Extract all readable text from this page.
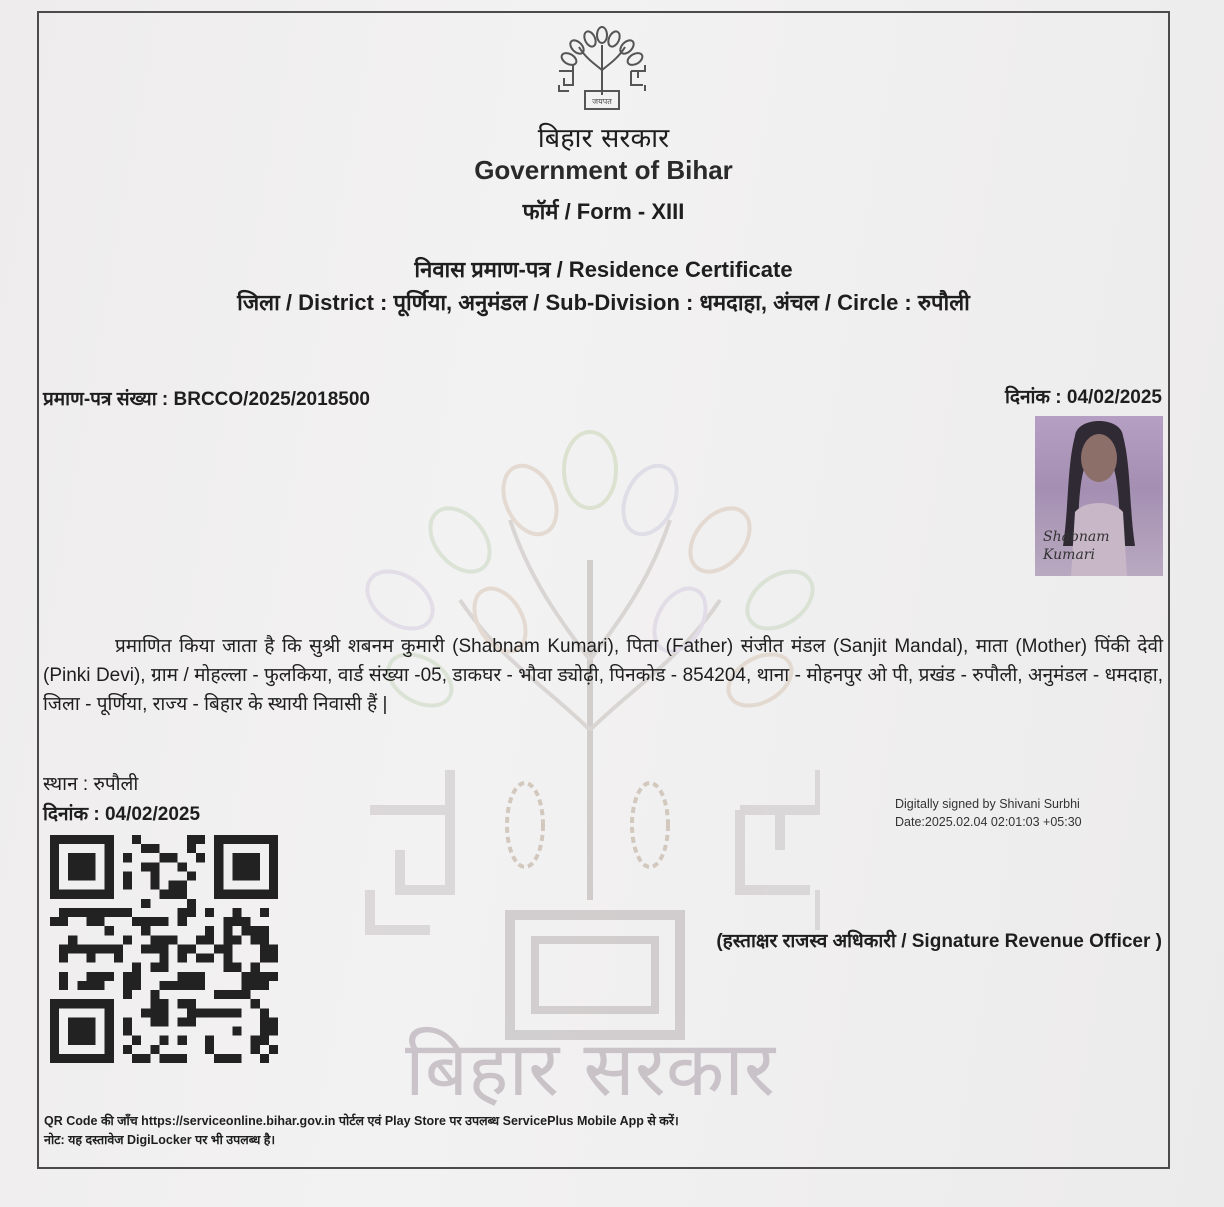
बिहार सरकार
जयपत
बिहार सरकार
Government of Bihar
फॉर्म / Form - XIII
निवास प्रमाण-पत्र / Residence Certificate
जिला / District : पूर्णिया, अनुमंडल / Sub-Division : धमदाहा, अंचल / Circle : रुपौली
प्रमाण-पत्र संख्या : BRCCO/2025/2018500	दिनांक : 04/02/2025
Shabnam
Kumari
प्रमाणित किया जाता है कि सुश्री शबनम कुमारी (Shabnam Kumari), पिता (Father) संजीत मंडल (Sanjit Mandal), माता (Mother) पिंकी देवी (Pinki Devi), ग्राम / मोहल्ला - फुलकिया, वार्ड संख्या -05, डाकघर - भौवा ड्योढ़ी, पिनकोड - 854204, थाना - मोहनपुर ओ पी, प्रखंड - रुपौली, अनुमंडल - धमदाहा, जिला - पूर्णिया, राज्य - बिहार के स्थायी निवासी हैं |
स्थान : रुपौली
दिनांक : 04/02/2025	Digitally signed by Shivani Surbhi
Date:2025.02.04 02:01:03 +05:30
(हस्ताक्षर राजस्व अधिकारी / Signature Revenue Officer )
QR Code की जाँच https://serviceonline.bihar.gov.in पोर्टल एवं Play Store पर उपलब्ध ServicePlus Mobile App से करें।
नोट: यह दस्तावेज DigiLocker पर भी उपलब्ध है।
